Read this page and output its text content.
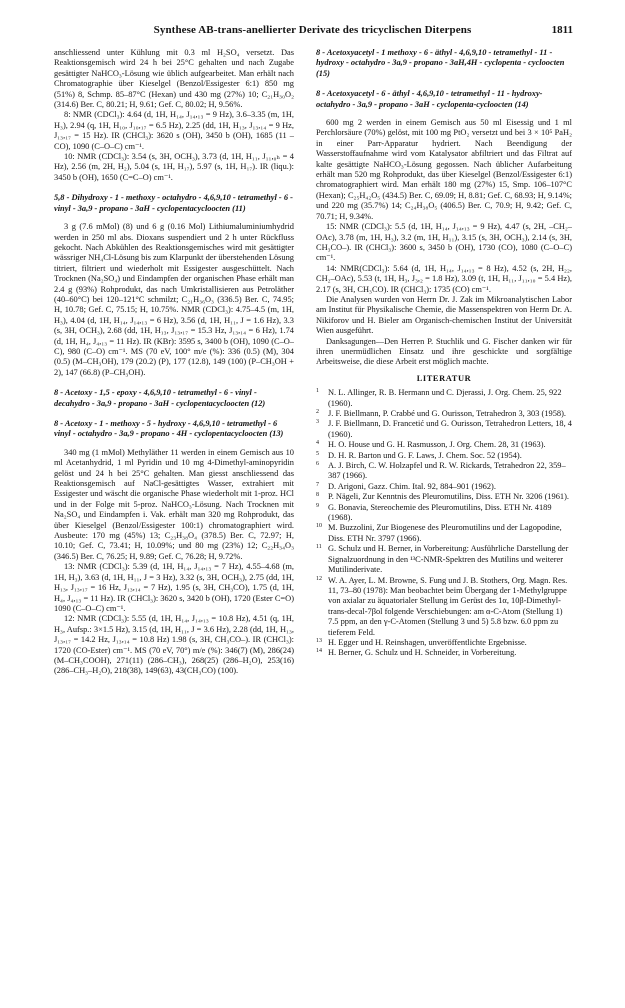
Synthese AB-trans-anellierter Derivate des tricyclischen Diterpens	1811

anschliessend unter Kühlung mit 0.3 ml H₂SO₄ versetzt. Das Reaktionsgemisch wird 24 h bei 25°C gehalten und nach Zugabe gesättigter NaHCO₃-Lösung wie üblich aufgearbeitet. Man erhält nach Chromatographie über Kieselgel (Benzol/Essigester 6:1) 850 mg (51%) 8, Schmp. 85–87°C (Hexan) und 430 mg (27%) 10; C₂₁H₃₀O₂ (314.6) Ber. C, 80.21; H, 9.61; Gef. C, 80.02; H, 9.56%.

8: NMR (CDCl₃): 4.64 (d, 1H, H₁₄, J₁₄,₁₃ = 9 Hz), 3.6–3.35 (m, 1H, H₃), 2.94 (q, 1H, H₁₀, J₁₀,₁₇ = 6.5 Hz), 2.25 (dd, 1H, H₁₃, J₁₃,₁₄ = 9 Hz, J₁₃,₁₇ = 15 Hz). IR (CHCl₃): 3620 s (OH), 3450 b (OH), 1685 (11 –CO), 1090 (C–O–C) cm⁻¹.

10: NMR (CDCl₃): 3.54 (s, 3H, OCH₃), 3.73 (d, 1H, H₁₁, J₁₁,₀ₕ = 4 Hz), 2.56 (m, 2H, H₂), 5.04 (s, 1H, H₁₇), 5.97 (s, 1H, H₁₇). IR (liqu.): 3450 b (OH), 1650 (C=C–O) cm⁻¹.

5,8 - Dihydroxy - 1 - methoxy - octahydro - 4,6,9,10 - tetramethyl - 6 - vinyl - 3a,9 - propano - 3aH - cyclopentacycloocten (11)

3 g (7.6 mMol) (8) und 6 g (0.16 Mol) Lithiumaluminiumhydrid werden in 250 ml abs. Dioxans suspendiert und 2 h unter Rückfluss gekocht. Nach Abkühlen des Reaktionsgemisches wird mit gesättigter wässriger NH₄Cl-Lösung bis zum Klarpunkt der überstehenden Lösung titriert, filtriert und wiederholt mit Essigester ausgeschüttelt. Nach Trocknen (Na₂SO₄) und Eindampfen der organischen Phase erhält man 2.4 g (93%) Rohprodukt, das nach Umkristallisieren aus Petroläther (40–60°C) bei 120–121°C schmilzt; C₂₁H₃₆O₃ (336.5) Ber. C, 74.95; H, 10.78; Gef. C, 75.15; H, 10.75%. NMR (CDCl₃): 4.75–4.5 (m, 1H, H₃), 4.04 (d, 1H, H₁₄, J₁₄,₁₃ = 6 Hz), 3.56 (d, 1H, H₁₁, J = 1.6 Hz), 3.3 (s, 3H, OCH₃), 2.68 (dd, 1H, H₁₃, J₁₃,₁₇ = 15.3 Hz, J₁₃,₁₄ = 6 Hz), 1.74 (d, 1H, H₄, J₄,₁₃ = 11 Hz). IR (KBr): 3595 s, 3400 b (OH), 1090 (C–O–C), 980 (C–O) cm⁻¹. MS (70 eV, 100° m/e (%): 336 (0.5) (M), 304 (0.5) (M–CH₃OH), 179 (20.2) (P), 177 (12.8), 149 (100) (P–CH₃OH + 2), 147 (66.8) (P–CH₃OH).

8 - Acetoxy - 1,5 - epoxy - 4,6,9,10 - tetramethyl - 6 - vinyl - decahydro - 3a,9 - propano - 3aH - cyclopentacycloocten (12)

8 - Acetoxy - 1 - methoxy - 5 - hydroxy - 4,6,9,10 - tetramethyl - 6 vinyl - octahydro - 3a,9 - propano - 4H - cyclopentacycloocten (13)

340 mg (1 mMol) Methyläther 11 werden in einem Gemisch aus 10 ml Acetanhydrid, 1 ml Pyridin und 10 mg 4-Dimethyl-aminopyridin gelöst und 24 h bei 25°C gehalten. Man giesst anschliessend das Reaktionsgemisch auf NaCl-gesättigtes Wasser, extrahiert mit Essigester und wäscht die organische Phase wiederholt mit 1-proz. HCl und in der Folge mit 5-proz. NaHCO₃-Lösung. Nach Trocknen mit Na₂SO₄ und Eindampfen i. Vak. erhält man 320 mg Rohprodukt, das über Kieselgel (Benzol/Essigester 100:1) chromatographiert wird. Ausbeute: 170 mg (45%) 13; C₂₃H₃₈O₄ (378.5) Ber. C, 72.97; H, 10.10; Gef. C, 73.41; H, 10.09%; und 80 mg (23%) 12; C₂₂H₃₄O₃ (346.5) Ber. C, 76.25; H, 9.89; Gef. C, 76.28; H, 9.72%.

13: NMR (CDCl₃): 5.39 (d, 1H, H₁₄, J₁₄,₁₃ = 7 Hz), 4.55–4.68 (m, 1H, H₃), 3.63 (d, 1H, H₁₁, J = 3 Hz), 3.32 (s, 3H, OCH₃), 2.75 (dd, 1H, H₁₃, J₁₃,₁₇ = 16 Hz, J₁₃,₁₄ = 7 Hz), 1.95 (s, 3H, CH₃CO), 1.75 (d, 1H, H₄, J₄,₁₃ = 11 Hz). IR (CHCl₃): 3620 s, 3420 b (OH), 1720 (Ester C=O) 1090 (C–O–C) cm⁻¹.

12: NMR (CDCl₃): 5.55 (d, 1H, H₁₄, J₁₄,₁₃ = 10.8 Hz), 4.51 (q, 1H, H₃, Aufsp.: 3×1.5 Hz), 3.15 (d, 1H, H₁₁, J = 3.6 Hz), 2.28 (dd, 1H, H₁₃, J₁₃,₁₇ = 14.2 Hz, J₁₃,₁₄ = 10.8 Hz) 1.98 (s, 3H, CH₃CO–). IR (CHCl₃): 1720 (CO-Ester) cm⁻¹. MS (70 eV, 70°) m/e (%): 346(7) (M), 286(24) (M–CH₃COOH), 271(11) (286–CH₃), 268(25) (286–H₂O), 253(16) (286–CH₃–H₂O), 218(38), 149(63), 43(CH₃CO) (100).

8 - Acetoxyacetyl - 1 methoxy - 6 - äthyl - 4,6,9,10 - tetramethyl - 11 - hydroxy - octahydro - 3a,9 - propano - 3aH,4H - cyclopenta - cycloocten (15)

8 - Acetoxyacetyl - 6 - äthyl - 4,6,9,10 - tetramethyl - 11 - hydroxy-octahydro - 3a,9 - propano - 3aH - cyclopenta-cycloocten (14)

600 mg 2 werden in einem Gemisch aus 50 ml Eisessig und 1 ml Perchlorsäure (70%) gelöst, mit 100 mg PtO₂ versetzt und bei 3 × 10⁵ PaH₂ in einer Parr-Apparatur hydriert. Nach Beendigung der Wasserstoffaufnahme wird vom Katalysator abfiltriert und das Filtrat auf kalte gesättigte NaHCO₃-Lösung gegossen. Nach üblicher Aufarbeitung erhält man 520 mg Rohprodukt, das über Kieselgel (Benzol/Essigester 6:1) chromatographiert wird. Man erhält 180 mg (27%) 15, Smp. 106–107°C (Hexan); C₂₅H₄₂O₅ (434.5) Ber. C, 69.09; H, 8.81; Gef. C, 68.93; H, 9.14%; und 220 mg (35.7%) 14; C₂₄H₃₈O₅ (406.5) Ber. C, 70.9; H, 9.42; Gef. C, 70.71; H, 9.34%.

15: NMR (CDCl₃): 5.5 (d, 1H, H₁₄, J₁₄,₁₃ = 9 Hz), 4.47 (s, 2H, –CH₂–OAc), 3.78 (m, 1H, H₃), 3.2 (m, 1H, H₁₁), 3.15 (s, 3H, OCH₃), 2.14 (s, 3H, CH₃CO–). IR (CHCl₃): 3600 s, 3450 b (OH), 1730 (CO), 1080 (C–O–C) cm⁻¹.

14: NMR(CDCl₃): 5.64 (d, 1H, H₁₄, J₁₄,₁₃ = 8 Hz), 4.52 (s, 2H, H₂₂, CH₂–OAc), 5.53 (t, 1H, H₃, J₃,₂ = 1.8 Hz), 3.09 (t, 1H, H₁₁, J₁₁,₁₀ = 5.4 Hz), 2.17 (s, 3H, CH₃CO). IR (CHCl₃): 1735 (CO) cm⁻¹.

Die Analysen wurden von Herrn Dr. J. Zak im Mikroanalytischen Labor am Institut für Physikalische Chemie, die Massenspektren von Herrn Dr. A. Nikiforov und H. Bieler am Organisch-chemischen Institut der Universität Wien ausgeführt.

Danksagungen—Den Herren P. Stuchlik und G. Fischer danken wir für ihren unermüdlichen Einsatz und ihre geschickte und sorgfältige Arbeitsweise, die diese Arbeit erst möglich machte.

LITERATUR
1 N. L. Allinger, R. B. Hermann und C. Djerassi, J. Org. Chem. 25, 922 (1960).
2 J. F. Biellmann, P. Crabbé und G. Ourisson, Tetrahedron 3, 303 (1958).
3 J. F. Biellmann, D. Francetić und G. Ourisson, Tetrahedron Letters, 18, 4 (1960).
4 H. O. House und G. H. Rasmusson, J. Org. Chem. 28, 31 (1963).
5 D. H. R. Barton und G. F. Laws, J. Chem. Soc. 52 (1954).
6 A. J. Birch, C. W. Holzapfel und R. W. Rickards, Tetrahedron 22, 359–387 (1966).
7 D. Arigoni, Gazz. Chim. Ital. 92, 884–901 (1962).
8 P. Nägeli, Zur Kenntnis des Pleuromutilins, Diss. ETH Nr. 3206 (1961).
9 G. Bonavia, Stereochemie des Pleuromutilins, Diss. ETH Nr. 4189 (1968).
10 M. Buzzolini, Zur Biogenese des Pleuromutilins und der Lagopodine, Diss. ETH Nr. 3797 (1966).
11 G. Schulz und H. Berner, in Vorbereitung: Ausführliche Darstellung der Signalzuordnung in den ¹³C-NMR-Spektren des Mutilins und weiterer Mutilinderivate.
12 W. A. Ayer, L. M. Browne, S. Fung und J. B. Stothers, Org. Magn. Res. 11, 73–80 (1978): Man beobachtet beim Übergang der 1-Methylgruppe von axialar zu äquatorialer Stellung im Gerüst des 1α, 10β-Dimethyl-trans-decal-7βol folgende Verschiebungen: am α-C-Atom (Stellung 1) 7.5 ppm, an den γ-C-Atomen (Stellung 3 und 5) 5.8 bzw. 6.0 ppm zu tieferem Feld.
13 H. Egger und H. Reinshagen, unveröffentlichte Ergebnisse.
14 H. Berner, G. Schulz und H. Schneider, in Vorbereitung.
